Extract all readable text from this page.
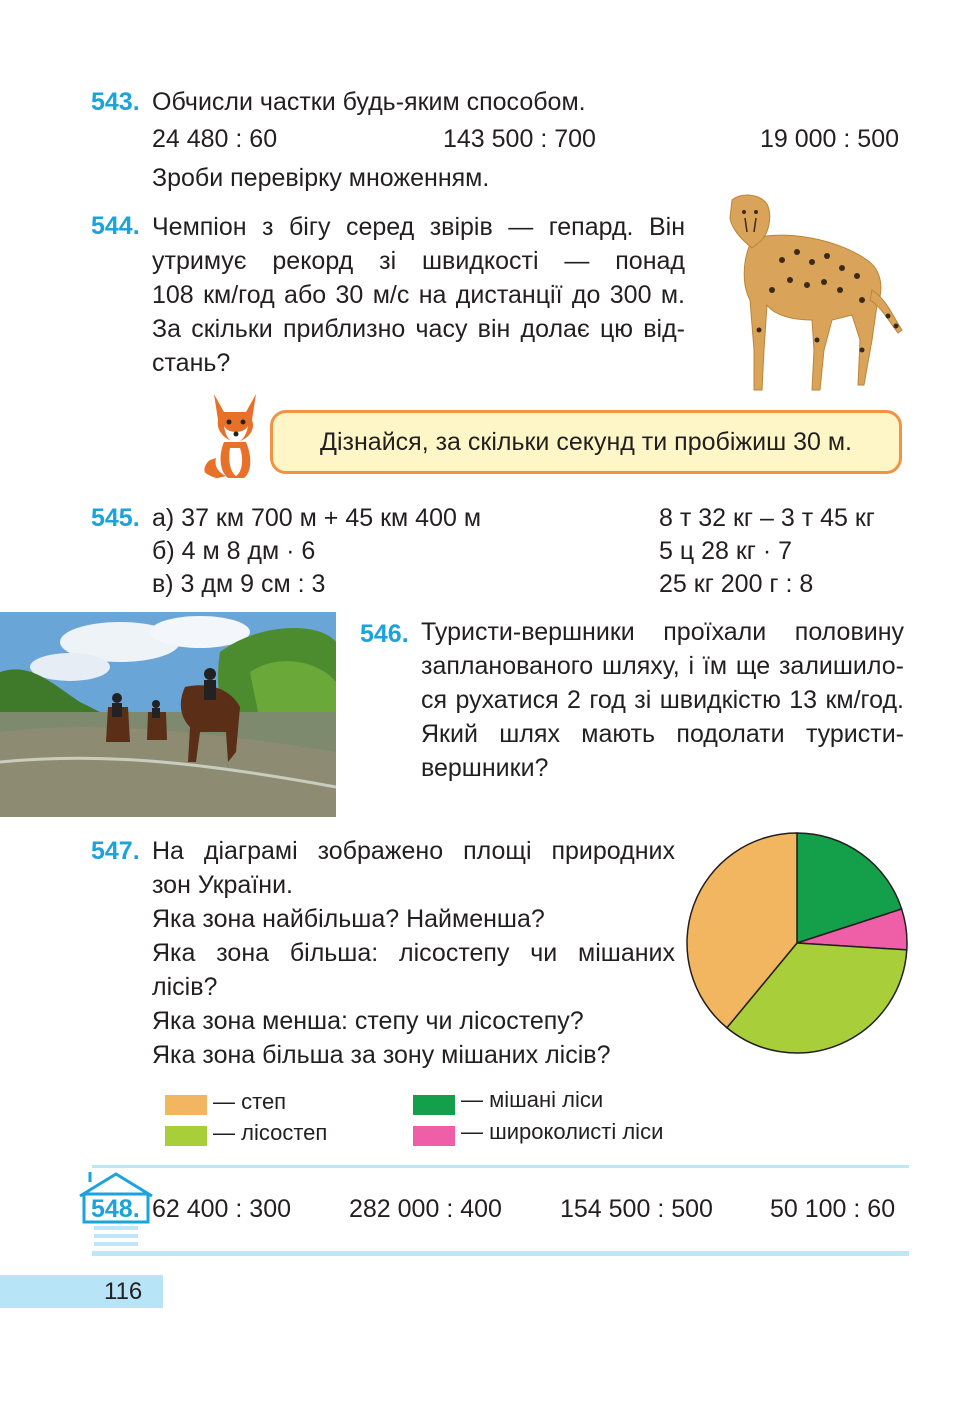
543. Обчисли частки будь-яким способом.
24 480 : 60	143 500 : 700	19 000 : 500
Зроби перевірку множенням.
544. Чемпіон з бігу серед звірів — гепард. Він
утримує рекорд зі швидкості — понад
108 км/год або 30 м/с на дистанції до 300 м.
За скільки приблизно часу він долає цю від-
стань?
Дізнайся, за скільки секунд ти пробіжиш 30 м.
545. а) 37 км 700 м + 45 км 400 м
б) 4 м 8 дм · 6
в) 3 дм 9 см : 3
8 т 32 кг – 3 т 45 кг
5 ц 28 кг · 7
25 кг 200 г : 8
546. Туристи-вершники проїхали половину
запланованого шляху, і їм ще залишило-
ся рухатися 2 год зі швидкістю 13 км/год.
Який шлях мають подолати туристи-
вершники?
547. На діаграмі зображено площі природних
зон України.
Яка зона найбільша? Найменша?
Яка зона більша: лісостепу чи мішаних
лісів?
Яка зона менша: степу чи лісостепу?
Яка зона більша за зону мішаних лісів?
— степ
— лісостеп
— мішані ліси
— широколисті ліси
548. 62 400 : 300 282 000 : 400 154 500 : 500 50 100 : 60
116
